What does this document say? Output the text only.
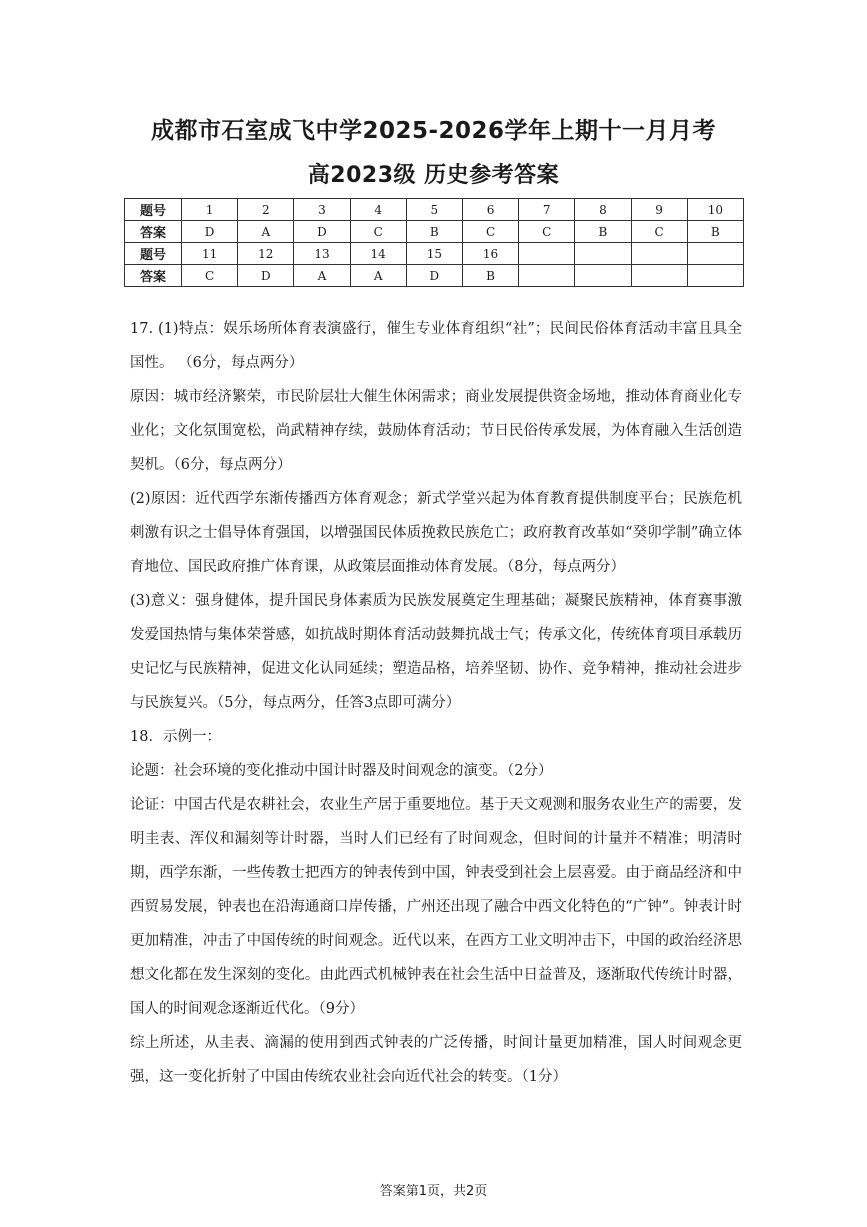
成都市石室成飞中学2025-2026学年上期十一月月考
高2023级 历史参考答案
题号	1	2	3	4	5	6	7	8	9	10
答案	D	A	D	C	B	C	C	B	C	B
题号	11	12	13	14	15	16				
答案	C	D	A	A	D	B				

17. (1)特点：娱乐场所体育表演盛行，催生专业体育组织“社”；民间民俗体育活动丰富且具全国性。 （6分，每点两分）

原因：城市经济繁荣，市民阶层壮大催生休闲需求；商业发展提供资金场地，推动体育商业化专业化；文化氛围宽松，尚武精神存续，鼓励体育活动；节日民俗传承发展，为体育融入生活创造契机。（6分，每点两分）

(2)原因：近代西学东渐传播西方体育观念；新式学堂兴起为体育教育提供制度平台；民族危机刺激有识之士倡导体育强国，以增强国民体质挽救民族危亡；政府教育改革如“癸卯学制”确立体育地位、国民政府推广体育课，从政策层面推动体育发展。（8分，每点两分）

(3)意义：强身健体，提升国民身体素质为民族发展奠定生理基础；凝聚民族精神，体育赛事激发爱国热情与集体荣誉感，如抗战时期体育活动鼓舞抗战士气；传承文化，传统体育项目承载历史记忆与民族精神，促进文化认同延续；塑造品格，培养坚韧、协作、竞争精神，推动社会进步与民族复兴。（5分，每点两分，任答3点即可满分）

18．示例一：

论题：社会环境的变化推动中国计时器及时间观念的演变。（2分）

论证：中国古代是农耕社会，农业生产居于重要地位。基于天文观测和服务农业生产的需要，发明圭表、浑仪和漏刻等计时器，当时人们已经有了时间观念，但时间的计量并不精准；明清时期，西学东渐，一些传教士把西方的钟表传到中国，钟表受到社会上层喜爱。由于商品经济和中西贸易发展，钟表也在沿海通商口岸传播，广州还出现了融合中西文化特色的“广钟”。钟表计时更加精准，冲击了中国传统的时间观念。近代以来，在西方工业文明冲击下，中国的政治经济思想文化都在发生深刻的变化。由此西式机械钟表在社会生活中日益普及，逐渐取代传统计时器，国人的时间观念逐渐近代化。（9分）

综上所述，从圭表、滴漏的使用到西式钟表的广泛传播，时间计量更加精准，国人时间观念更强，这一变化折射了中国由传统农业社会向近代社会的转变。（1分）

答案第1页，共2页
